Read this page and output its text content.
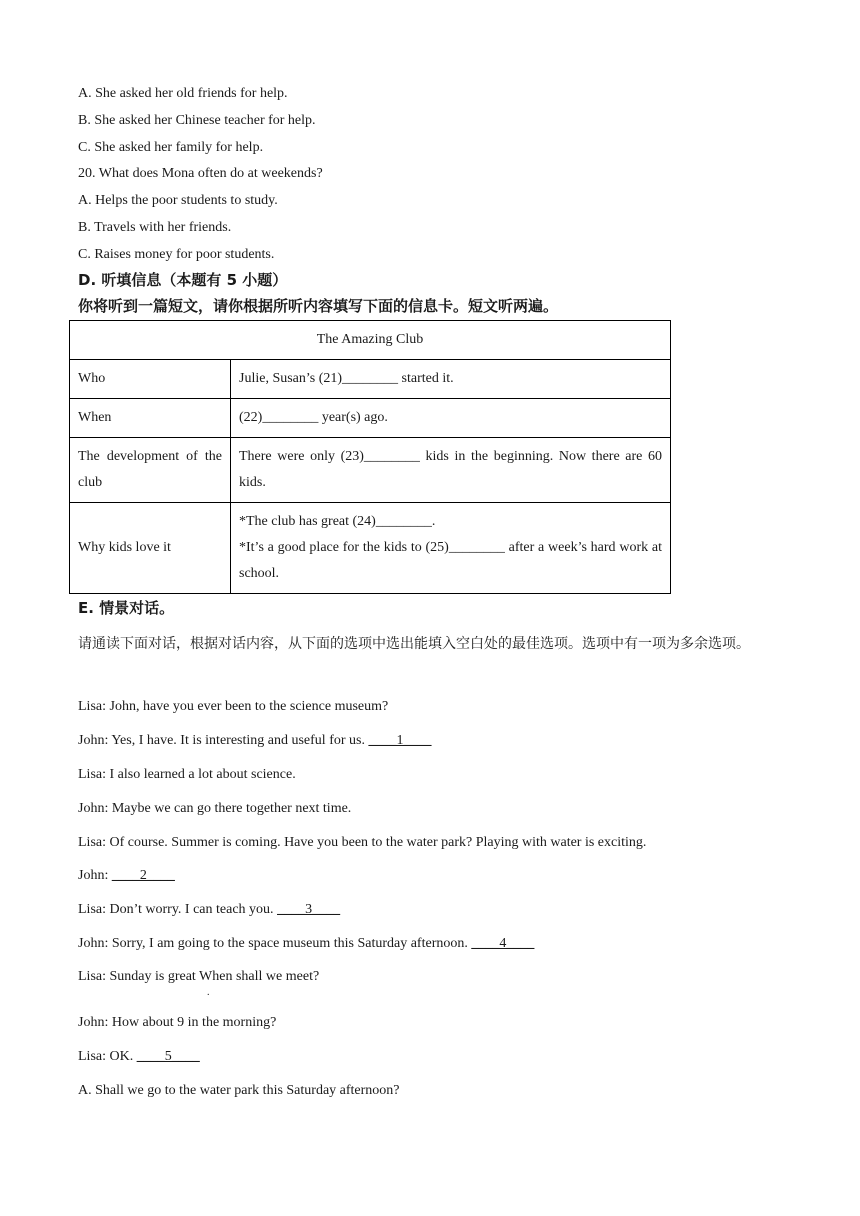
A. She asked her old friends for help.
B. She asked her Chinese teacher for help.
C. She asked her family for help.
20. What does Mona often do at weekends?
A. Helps the poor students to study.
B. Travels with her friends.
C. Raises money for poor students.
D. 听填信息（本题有 5 小题）
你将听到一篇短文，请你根据所听内容填写下面的信息卡。短文听两遍。
The Amazing Club	
Who	Julie, Susan’s (21)________ started it.
When	(22)________ year(s) ago.
The development of the club	There were only (23)________ kids in the beginning. Now there are 60 kids.
Why kids love it	*The club has great (24)________.
*It’s a good place for the kids to (25)________ after a week’s hard work at school.
E. 情景对话。
请通读下面对话，根据对话内容，从下面的选项中选出能填入空白处的最佳选项。选项中有一项为多余选项。
Lisa: John, have you ever been to the science museum?
John: Yes, I have. It is interesting and useful for us. ____1____
Lisa: I also learned a lot about science.
John: Maybe we can go there together next time.
Lisa: Of course. Summer is coming. Have you been to the water park? Playing with water is exciting.
John: ____2____
Lisa: Don’t worry. I can teach you. ____3____
John: Sorry, I am going to the space museum this Saturday afternoon. ____4____
Lisa: Sunday is great When shall we meet?
.
John: How about 9 in the morning?
Lisa: OK. ____5____
A. Shall we go to the water park this Saturday afternoon?
